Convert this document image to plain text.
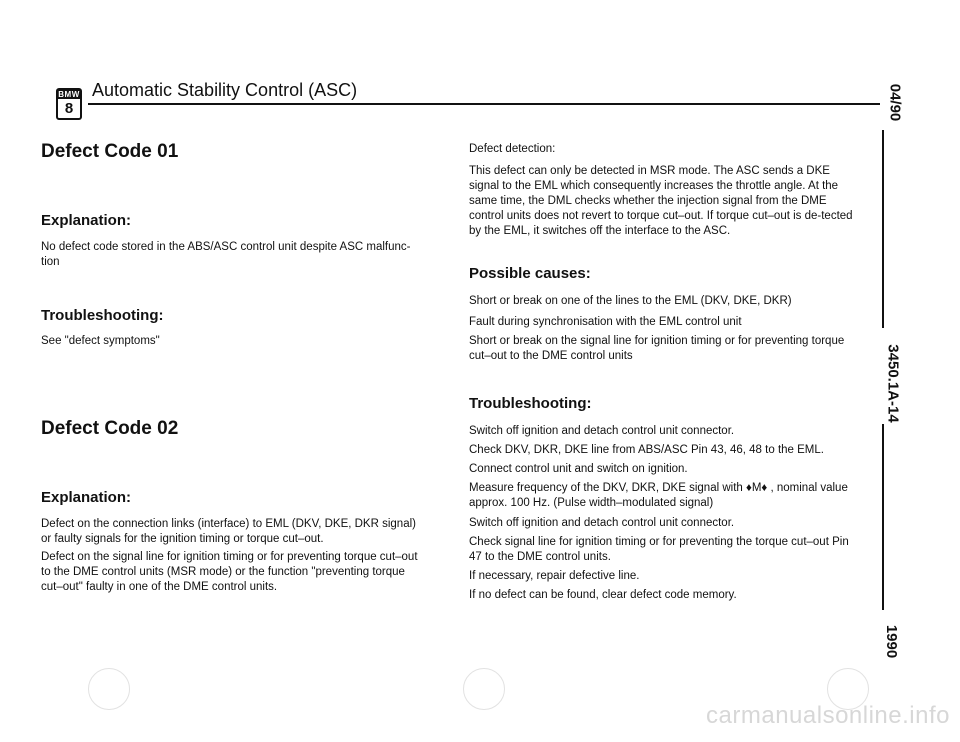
BMW
8
Automatic Stability Control (ASC)	04/90
3450.1A-14
1990
Defect Code 01
Explanation:
No defect code stored in the ABS/ASC control unit despite ASC malfunc-tion
Troubleshooting:
See "defect symptoms"
Defect Code 02
Explanation:
Defect on the connection links (interface) to EML (DKV, DKE, DKR signal) or faulty signals for the ignition timing or torque cut–out.
Defect on the signal line for ignition timing or for preventing torque cut–out to the DME control units (MSR mode) or the function "preventing torque cut–out" faulty in one of the DME control units.
Defect detection:
This defect can only be detected in MSR mode. The ASC sends a DKE signal to the EML which consequently increases the throttle angle. At the same time, the DML checks whether the injection signal from the DME control units does not revert to torque cut–out. If torque cut–out is de-tected by the EML, it switches off the interface to the ASC.
Possible causes:
Short or break on one of the lines to the EML (DKV, DKE, DKR)
Fault during synchronisation with the EML control unit
Short or break on the signal line for ignition timing or for preventing torque cut–out to the DME control units
Troubleshooting:
Switch off ignition and detach control unit connector.
Check DKV, DKR, DKE line from ABS/ASC Pin 43, 46, 48 to the EML.
Connect control unit and switch on ignition.
Measure frequency of the DKV, DKR, DKE signal with ♦M♦ , nominal value approx. 100 Hz. (Pulse width–modulated signal)
Switch off ignition and detach control unit connector.
Check signal line for ignition timing or for preventing the torque cut–out Pin 47 to the DME control units.
If necessary, repair defective line.
If no defect can be found, clear defect code memory.
carmanualsonline.info
